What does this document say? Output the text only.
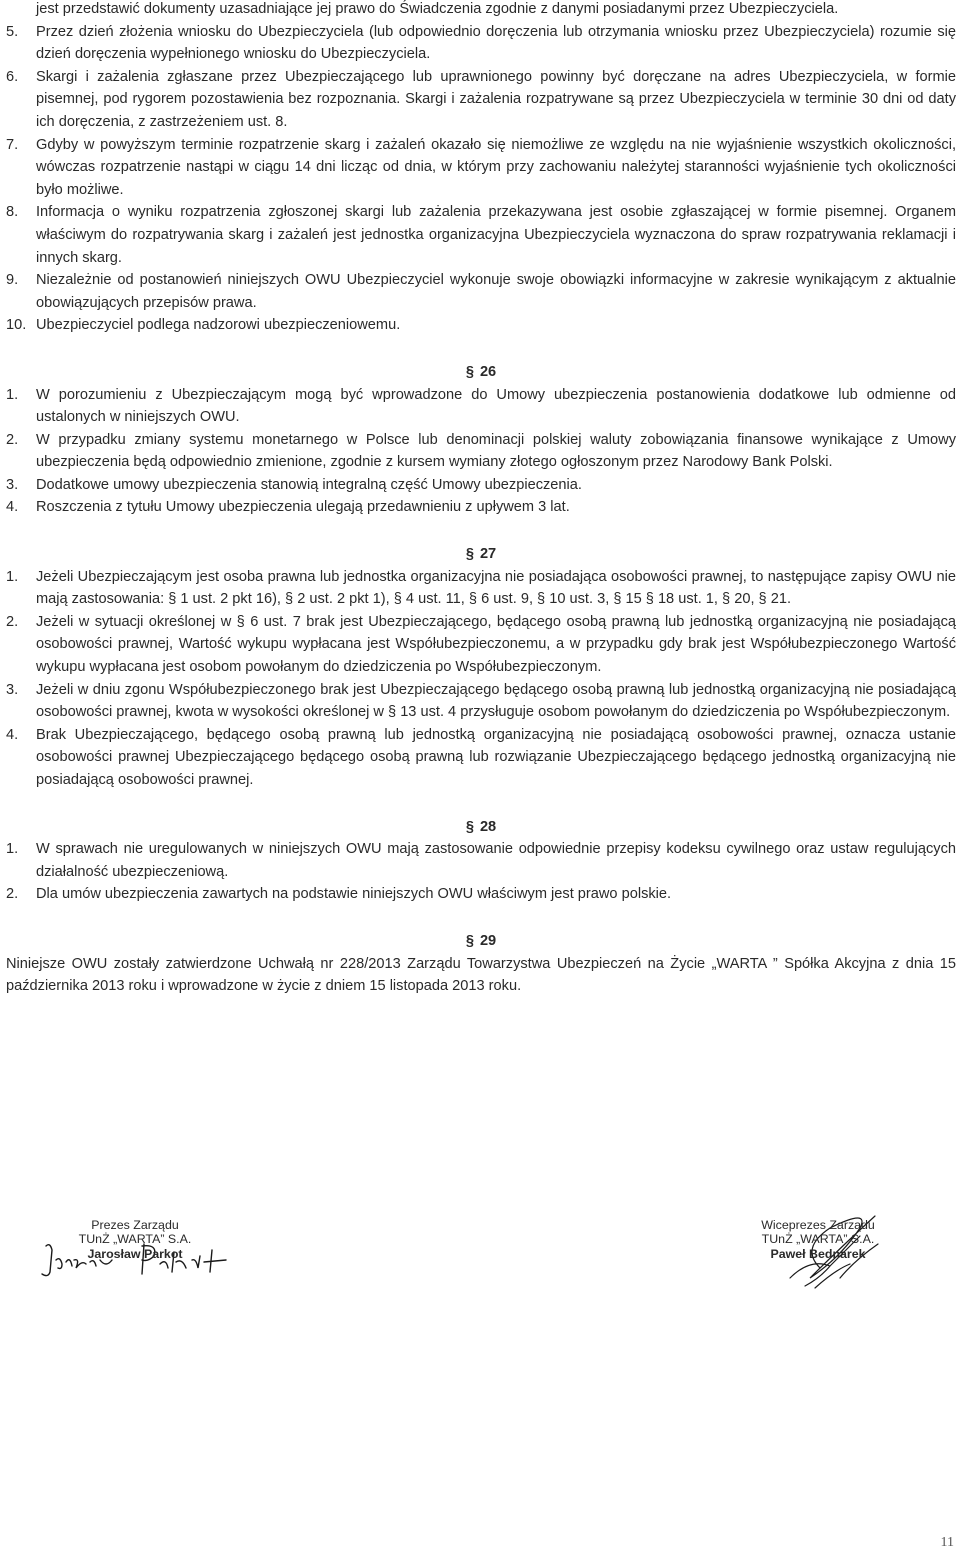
jest przedstawić dokumenty uzasadniające jej prawo do Świadczenia zgodnie z danymi posiadanymi przez Ubezpieczyciela.
5. Przez dzień złożenia wniosku do Ubezpieczyciela (lub odpowiednio doręczenia lub otrzymania wniosku przez Ubezpieczyciela) rozumie się dzień doręczenia wypełnionego wniosku do Ubezpieczyciela.
6. Skargi i zażalenia zgłaszane przez Ubezpieczającego lub uprawnionego powinny być doręczane na adres Ubezpieczyciela, w formie pisemnej, pod rygorem pozostawienia bez rozpoznania. Skargi i zażalenia rozpatrywane są przez Ubezpieczyciela w terminie 30 dni od daty ich doręczenia, z zastrzeżeniem ust. 8.
7. Gdyby w powyższym terminie rozpatrzenie skarg i zażaleń okazało się niemożliwe ze względu na nie wyjaśnienie wszystkich okoliczności, wówczas rozpatrzenie nastąpi w ciągu 14 dni licząc od dnia, w którym przy zachowaniu należytej staranności wyjaśnienie tych okoliczności było możliwe.
8. Informacja o wyniku rozpatrzenia zgłoszonej skargi lub zażalenia przekazywana jest osobie zgłaszającej w formie pisemnej. Organem właściwym do rozpatrywania skarg i zażaleń jest jednostka organizacyjna Ubezpieczyciela wyznaczona do spraw rozpatrywania reklamacji i innych skarg.
9. Niezależnie od postanowień niniejszych OWU Ubezpieczyciel wykonuje swoje obowiązki informacyjne w zakresie wynikającym z aktualnie obowiązujących przepisów prawa.
10. Ubezpieczyciel podlega nadzorowi ubezpieczeniowemu.
§ 26
1. W porozumieniu z Ubezpieczającym mogą być wprowadzone do Umowy ubezpieczenia postanowienia dodatkowe lub odmienne od ustalonych w niniejszych OWU.
2. W przypadku zmiany systemu monetarnego w Polsce lub denominacji polskiej waluty zobowiązania finansowe wynikające z Umowy ubezpieczenia będą odpowiednio zmienione, zgodnie z kursem wymiany złotego ogłoszonym przez Narodowy Bank Polski.
3. Dodatkowe umowy ubezpieczenia stanowią integralną część Umowy ubezpieczenia.
4. Roszczenia z tytułu Umowy ubezpieczenia ulegają przedawnieniu z upływem 3 lat.
§ 27
1. Jeżeli Ubezpieczającym jest osoba prawna lub jednostka organizacyjna nie posiadająca osobowości prawnej, to następujące zapisy OWU nie mają zastosowania: § 1 ust. 2 pkt 16), § 2 ust. 2 pkt 1), § 4 ust. 11, § 6 ust. 9, § 10 ust. 3, § 15 § 18 ust. 1, § 20, § 21.
2. Jeżeli w sytuacji określonej w § 6 ust. 7 brak jest Ubezpieczającego, będącego osobą prawną lub jednostką organizacyjną nie posiadającą osobowości prawnej, Wartość wykupu wypłacana jest Współubezpieczonemu, a w przypadku gdy brak jest Współubezpieczonego Wartość wykupu wypłacana jest osobom powołanym do dziedziczenia po Współubezpieczonym.
3. Jeżeli w dniu zgonu Współubezpieczonego brak jest Ubezpieczającego będącego osobą prawną lub jednostką organizacyjną nie posiadającą osobowości prawnej, kwota w wysokości określonej w § 13 ust. 4 przysługuje osobom powołanym do dziedziczenia po Współubezpieczonym.
4. Brak Ubezpieczającego, będącego osobą prawną lub jednostką organizacyjną nie posiadającą osobowości prawnej, oznacza ustanie osobowości prawnej Ubezpieczającego będącego osobą prawną lub rozwiązanie Ubezpieczającego będącego jednostką organizacyjną nie posiadającą osobowości prawnej.
§ 28
1. W sprawach nie uregulowanych w niniejszych OWU mają zastosowanie odpowiednie przepisy kodeksu cywilnego oraz ustaw regulujących działalność ubezpieczeniową.
2. Dla umów ubezpieczenia zawartych na podstawie niniejszych OWU właściwym jest prawo polskie.
§ 29
Niniejsze OWU zostały zatwierdzone Uchwałą nr 228/2013 Zarządu Towarzystwa Ubezpieczeń na Życie „WARTA ” Spółka Akcyjna z dnia 15 października 2013 roku i wprowadzone w życie z dniem 15 listopada 2013 roku.
Prezes Zarządu
TUnŻ „WARTA” S.A.
Jarosław Parkot
Wiceprezes Zarządu
TUnŻ „WARTA” S.A.
Paweł Bednarek
11
